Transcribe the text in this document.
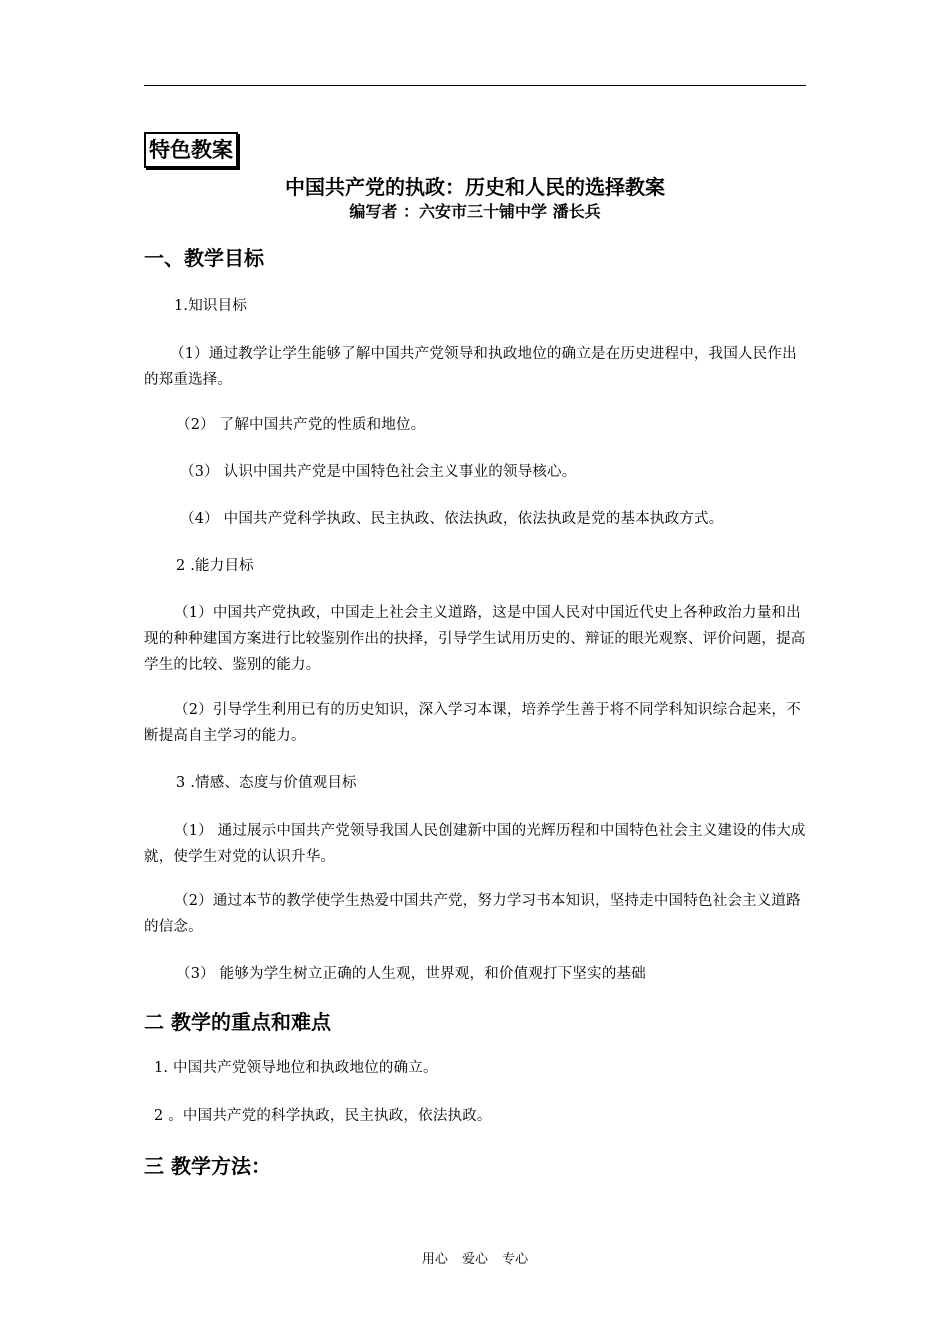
特色教案
中国共产党的执政：历史和人民的选择教案
编写者 ：六安市三十铺中学 潘长兵
一、教学目标
1.知识目标
（1）通过教学让学生能够了解中国共产党领导和执政地位的确立是在历史进程中，我国人民作出的郑重选择。
（2） 了解中国共产党的性质和地位。
（3） 认识中国共产党是中国特色社会主义事业的领导核心。
（4） 中国共产党科学执政、民主执政、依法执政，依法执政是党的基本执政方式。
2 .能力目标
（1）中国共产党执政，中国走上社会主义道路，这是中国人民对中国近代史上各种政治力量和出现的种种建国方案进行比较鉴别作出的抉择，引导学生试用历史的、辩证的眼光观察、评价问题，提高学生的比较、鉴别的能力。
（2）引导学生利用已有的历史知识，深入学习本课，培养学生善于将不同学科知识综合起来，不断提高自主学习的能力。
3 .情感、态度与价值观目标
（1） 通过展示中国共产党领导我国人民创建新中国的光辉历程和中国特色社会主义建设的伟大成就，使学生对党的认识升华。
（2）通过本节的教学使学生热爱中国共产党，努力学习书本知识，坚持走中国特色社会主义道路的信念。
（3） 能够为学生树立正确的人生观，世界观，和价值观打下坚实的基础
二 教学的重点和难点
1. 中国共产党领导地位和执政地位的确立。
2 。中国共产党的科学执政，民主执政，依法执政。
三 教学方法：
用心 爱心 专心
